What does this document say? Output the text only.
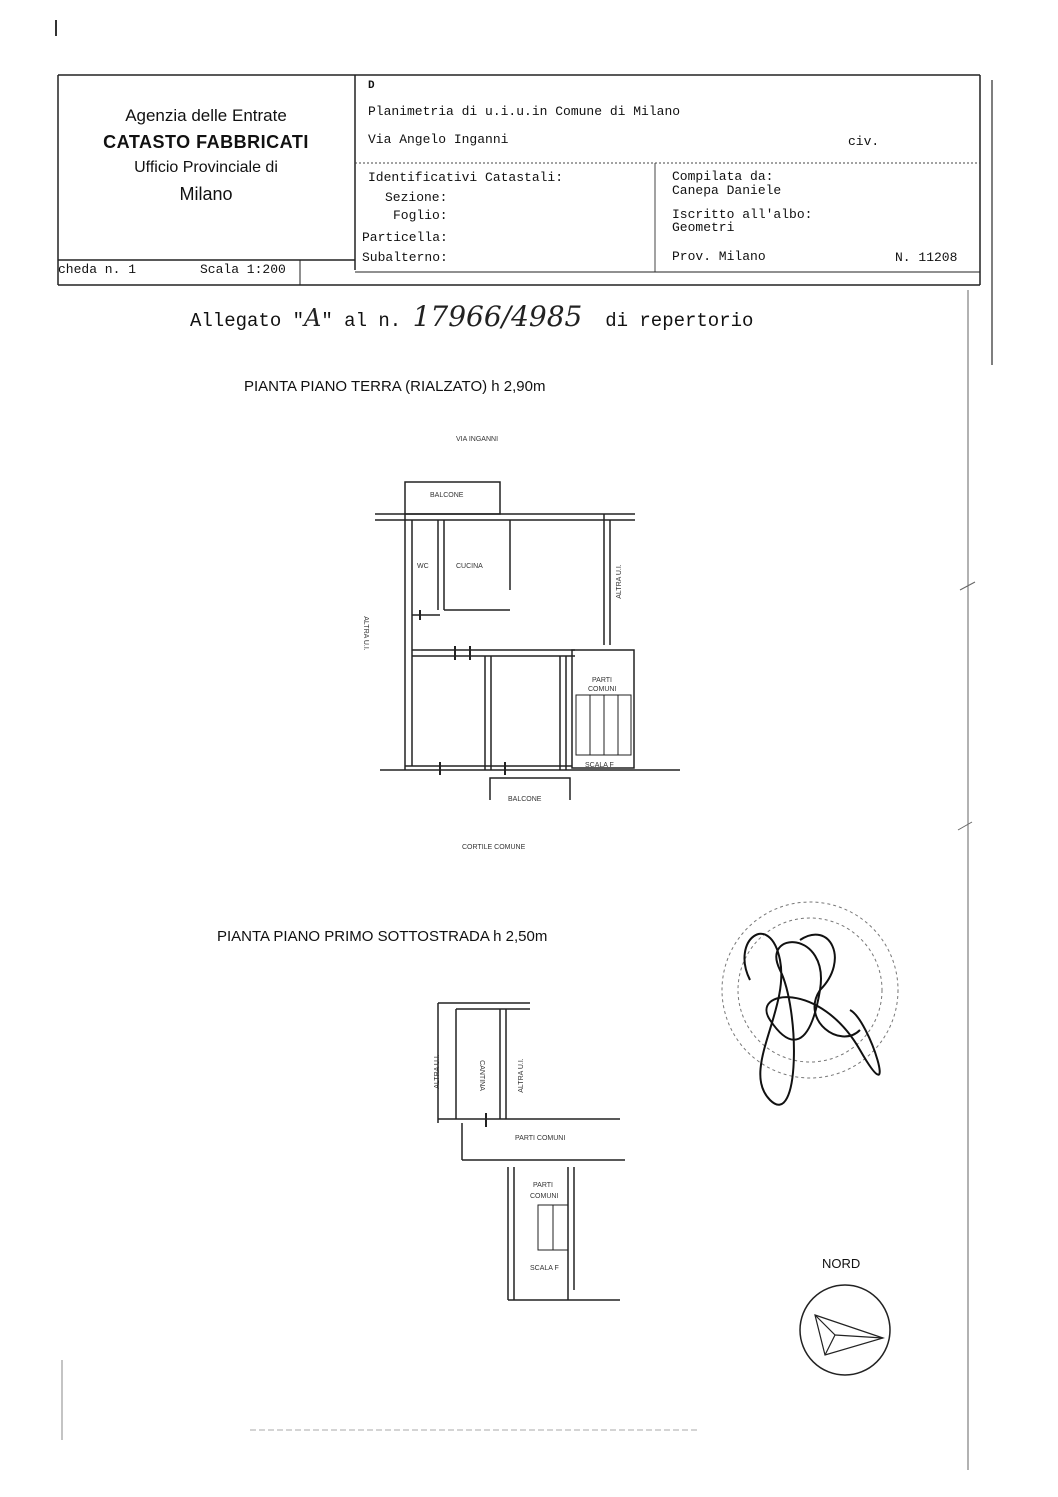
Agenzia delle Entrate
CATASTO FABBRICATI
Ufficio Provinciale di
Milano
D
Planimetria di u.i.u.in Comune di Milano
Via Angelo Inganni	civ.
Identificativi Catastali:
Sezione:
Foglio:
Particella:
Subalterno:
Compilata da:
Canepa Daniele
Iscritto all'albo:
Geometri
Prov. Milano	N. 11208
cheda n. 1	Scala 1:200
Allegato "A" al n. 17966/4985 di repertorio
PIANTA PIANO TERRA (RIALZATO) h 2,90m
VIA INGANNI
BALCONE
WC	CUCINA	ALTRA U.I.
ALTRA U.I.
PARTI
COMUNI
SCALA F
BALCONE
CORTILE COMUNE
PIANTA PIANO PRIMO SOTTOSTRADA h 2,50m
ALTRA U.I.	CANTINA	ALTRA U.I.
PARTI COMUNI
PARTI
COMUNI
SCALA F	NORD
